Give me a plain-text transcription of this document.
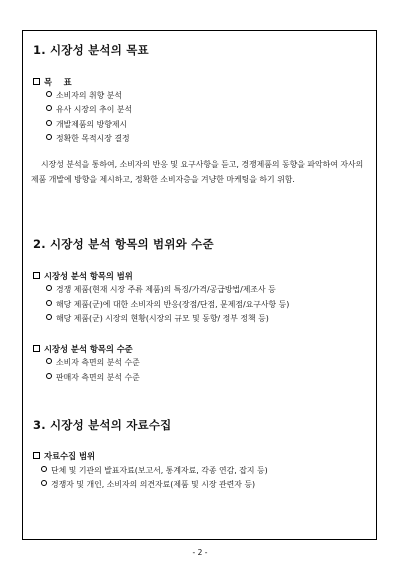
1. 시장성 분석의 목표
목    표
소비자의 취향 분석
유사 시장의 추이 분석
개발제품의 방향제시
정확한 목적시장 결정
시장성 분석을 통하여, 소비자의 반응 및 요구사항을 듣고, 경쟁제품의 동향을 파악하여 자사의 제품 개발에 방향을 제시하고, 정확한 소비자층을 겨냥한 마케팅을 하기 위함.
2. 시장성 분석 항목의 범위와 수준
시장성 분석 항목의 범위
경쟁 제품(현재 시장 주류 제품)의 특징/가격/공급방법/제조사 등
해당 제품(군)에 대한 소비자의 반응(장점/단점, 문제점/요구사항 등)
해당 제품(군) 시장의 현황(시장의 규모 및 동향/ 정부 정책 등)
시장성 분석 항목의 수준
소비자 측면의 분석 수준
판매자 측면의 분석 수준
3. 시장성 분석의 자료수집
자료수집 범위
단체 및 기관의 발표자료(보고서, 통계자료, 각종 연감, 잡지 등)
경쟁자 및 개인, 소비자의 의견자료(제품 및 시장 관련자 등)
- 2 -
